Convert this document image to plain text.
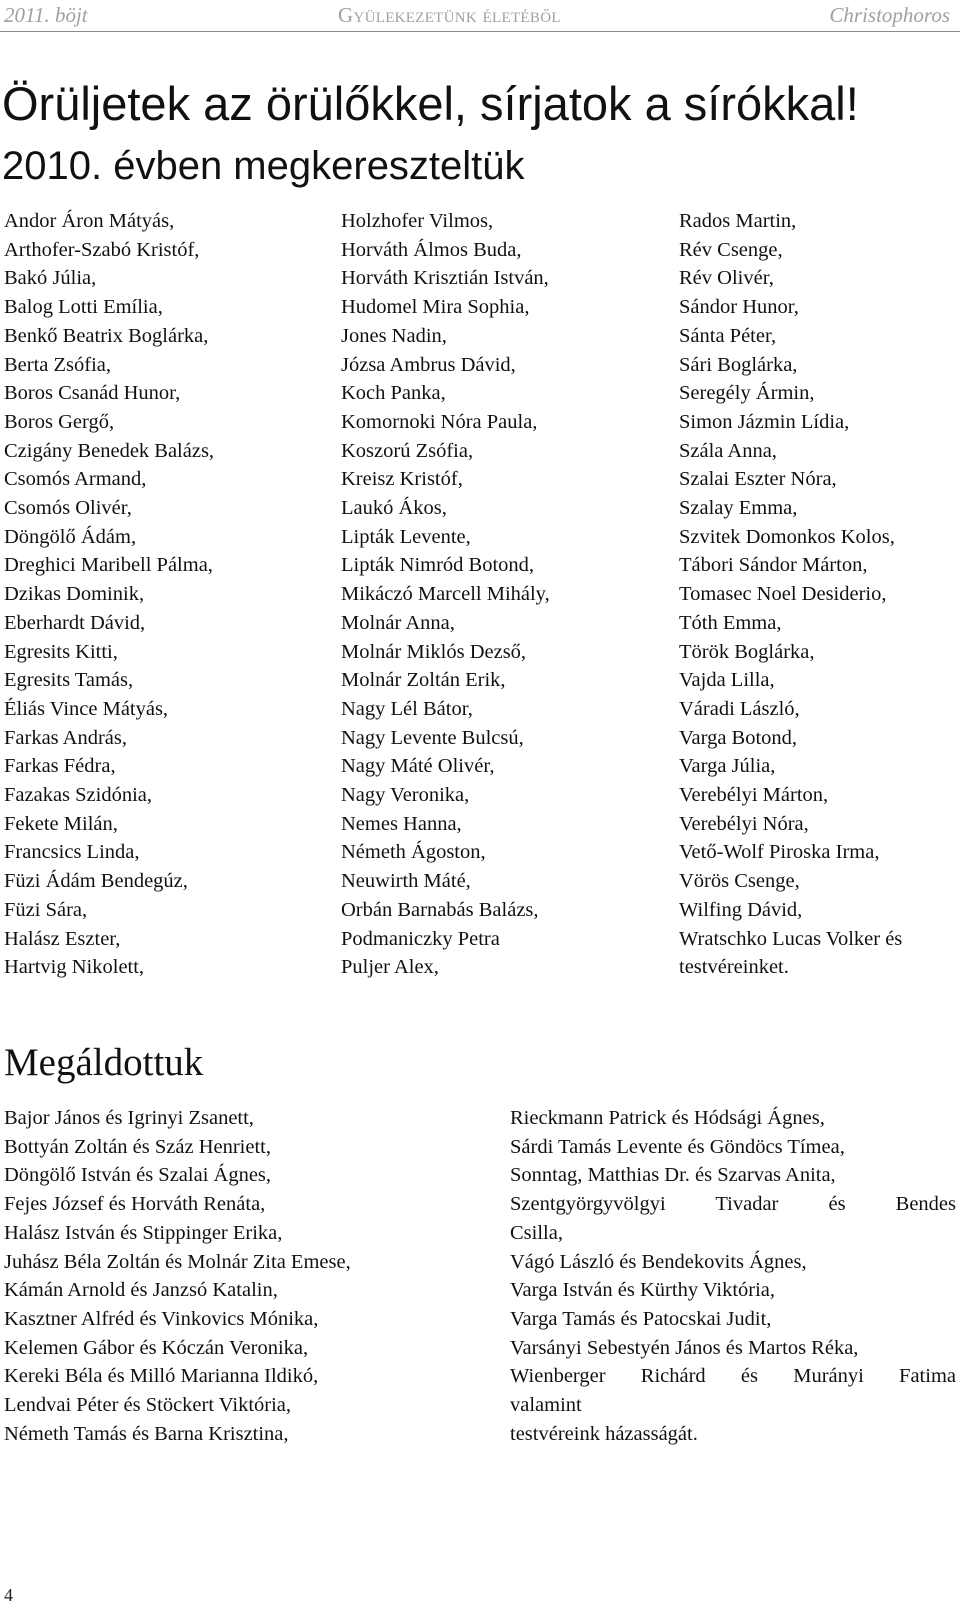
2011. böjt	Gyülekezetünk életéből	Christophoros
Örüljetek az örülőkkel, sírjatok a sírókkal!
2010. évben megkereszteltük
Andor Áron Mátyás,
Arthofer-Szabó Kristóf,
Bakó Júlia,
Balog Lotti Emília,
Benkő Beatrix Boglárka,
Berta Zsófia,
Boros Csanád Hunor,
Boros Gergő,
Czigány Benedek Balázs,
Csomós Armand,
Csomós Olivér,
Döngölő Ádám,
Dreghici Maribell Pálma,
Dzikas Dominik,
Eberhardt Dávid,
Egresits Kitti,
Egresits Tamás,
Éliás Vince Mátyás,
Farkas András,
Farkas Fédra,
Fazakas Szidónia,
Fekete Milán,
Francsics Linda,
Füzi Ádám Bendegúz,
Füzi Sára,
Halász Eszter,
Hartvig Nikolett,
Holzhofer Vilmos,
Horváth Álmos Buda,
Horváth Krisztián István,
Hudomel Mira Sophia,
Jones Nadin,
Józsa Ambrus Dávid,
Koch Panka,
Komornoki Nóra Paula,
Koszorú Zsófia,
Kreisz Kristóf,
Laukó Ákos,
Lipták Levente,
Lipták Nimród Botond,
Mikáczó Marcell Mihály,
Molnár Anna,
Molnár Miklós Dezső,
Molnár Zoltán Erik,
Nagy Lél Bátor,
Nagy Levente Bulcsú,
Nagy Máté Olivér,
Nagy Veronika,
Nemes Hanna,
Németh Ágoston,
Neuwirth Máté,
Orbán Barnabás Balázs,
Podmaniczky Petra
Puljer Alex,
Rados Martin,
Rév Csenge,
Rév Olivér,
Sándor Hunor,
Sánta Péter,
Sári Boglárka,
Seregély Ármin,
Simon Jázmin Lídia,
Szála Anna,
Szalai Eszter Nóra,
Szalay Emma,
Szvitek Domonkos Kolos,
Tábori Sándor Márton,
Tomasec Noel Desiderio,
Tóth Emma,
Török Boglárka,
Vajda Lilla,
Váradi László,
Varga Botond,
Varga Júlia,
Verebélyi Márton,
Verebélyi Nóra,
Vető-Wolf Piroska Irma,
Vörös Csenge,
Wilfing Dávid,
Wratschko Lucas Volker és
testvéreinket.
Megáldottuk
Bajor János és Igrinyi Zsanett,
Bottyán Zoltán és Száz Henriett,
Döngölő István és Szalai Ágnes,
Fejes József és Horváth Renáta,
Halász István és Stippinger Erika,
Juhász Béla Zoltán és Molnár Zita Emese,
Kámán Arnold és Janzsó Katalin,
Kasztner Alfréd és Vinkovics Mónika,
Kelemen Gábor és Kóczán Veronika,
Kereki Béla és Milló Marianna Ildikó,
Lendvai Péter és Stöckert Viktória,
Németh Tamás és Barna Krisztina,
Rieckmann Patrick és Hódsági Ágnes,
Sárdi Tamás Levente és Göndöcs Tímea,
Sonntag, Matthias Dr. és Szarvas Anita,
Szentgyörgyvölgyi Tivadar és Bendes
Csilla,
Vágó László és Bendekovits Ágnes,
Varga István és Kürthy Viktória,
Varga Tamás és Patocskai Judit,
Varsányi Sebestyén János és Martos Réka,
Wienberger Richárd és Murányi Fatima
valamint
testvéreink házasságát.
4
